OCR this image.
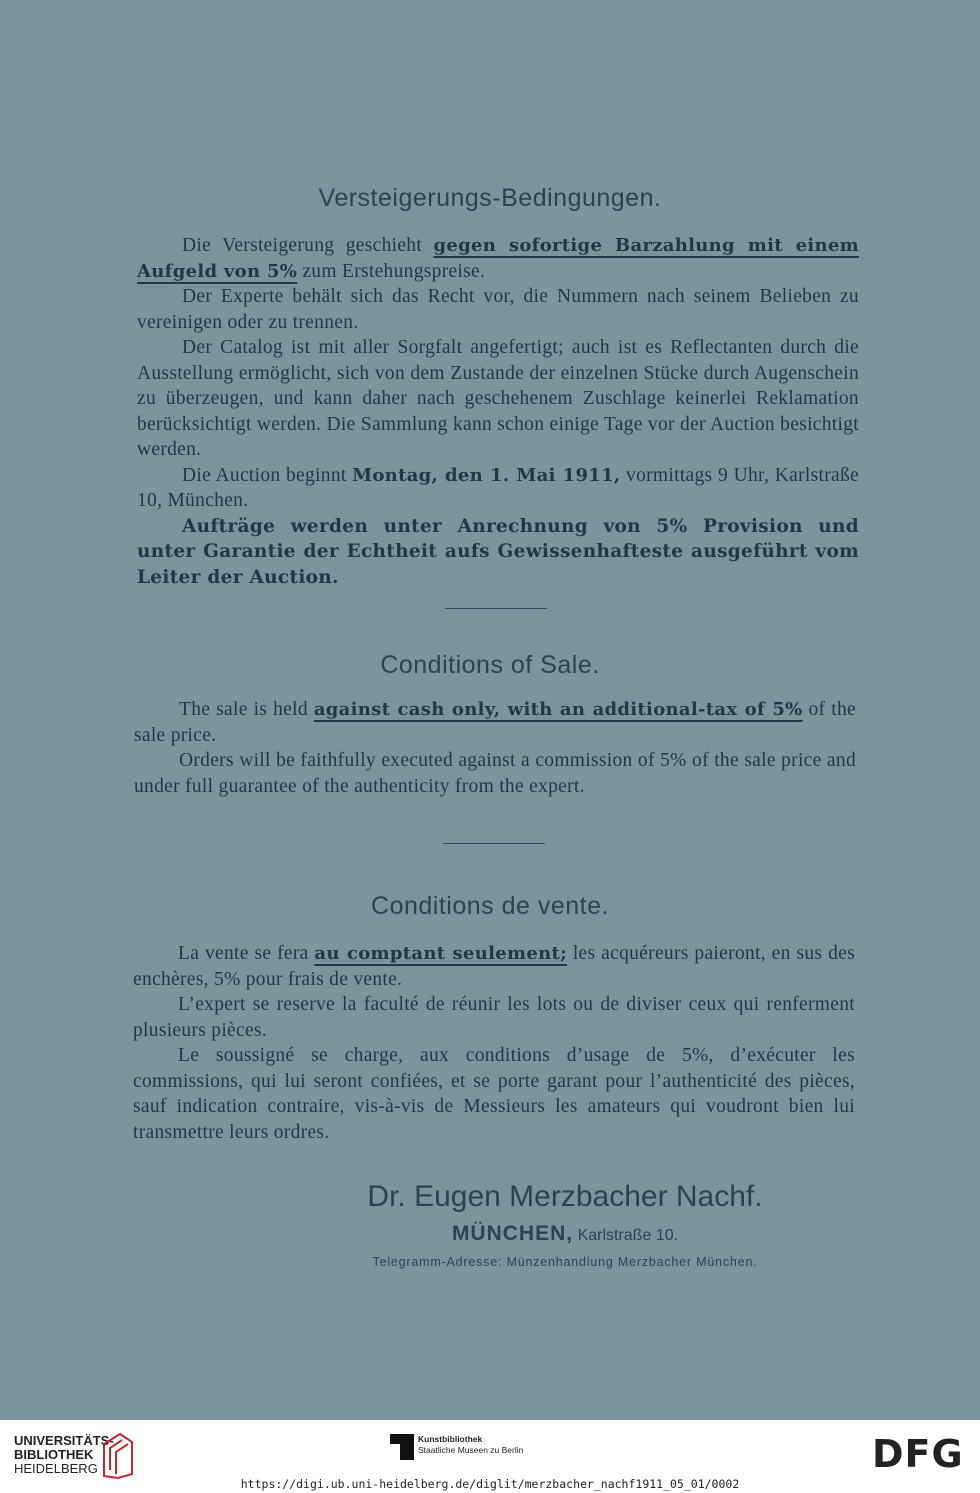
Versteigerungs-Bedingungen.

Die Versteigerung geschieht gegen sofortige Barzahlung mit einem Aufgeld von 5% zum Erstehungspreise.

Der Experte behält sich das Recht vor, die Nummern nach seinem Belieben zu vereinigen oder zu trennen.

Der Catalog ist mit aller Sorgfalt angefertigt; auch ist es Reflectanten durch die Ausstellung ermöglicht, sich von dem Zustande der einzelnen Stücke durch Augenschein zu überzeugen, und kann daher nach geschehenem Zuschlage keinerlei Reklamation berücksichtigt werden. Die Sammlung kann schon einige Tage vor der Auction besichtigt werden.

Die Auction beginnt Montag, den 1. Mai 1911, vormittags 9 Uhr, Karlstraße 10, München.

Aufträge werden unter Anrechnung von 5% Provision und unter Garantie der Echtheit aufs Gewissenhafteste ausgeführt vom Leiter der Auction.

Conditions of Sale.

The sale is held against cash only, with an additional-tax of 5% of the sale price.

Orders will be faithfully executed against a commission of 5% of the sale price and under full guarantee of the authenticity from the expert.

Conditions de vente.

La vente se fera au comptant seulement; les acquéreurs paieront, en sus des enchères, 5% pour frais de vente.

L’expert se reserve la faculté de réunir les lots ou de diviser ceux qui renferment plusieurs pièces.

Le soussigné se charge, aux conditions d’usage de 5%, d’exécuter les commissions, qui lui seront confiées, et se porte garant pour l’authenticité des pièces, sauf indication contraire, vis-à-vis de Messieurs les amateurs qui voudront bien lui transmettre leurs ordres.

Dr. Eugen Merzbacher Nachf.
MÜNCHEN, Karlstraße 10.
Telegramm-Adresse: Münzenhandlung Merzbacher München.
UNIVERSITÄTS-
BIBLIOTHEK
HEIDELBERG
Kunstbibliothek
Staatliche Museen zu Berlin	DFG
https://digi.ub.uni-heidelberg.de/diglit/merzbacher_nachf1911_05_01/0002
